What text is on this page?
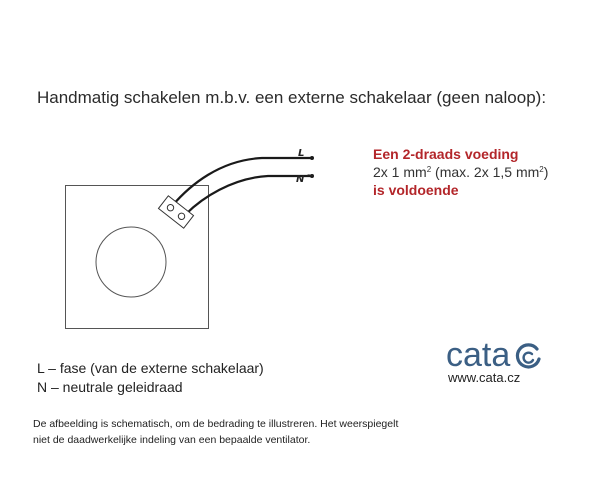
Handmatig schakelen m.b.v. een externe schakelaar (geen naloop):
L
N ~
Een 2-draads voeding
2x 1 $mm^2$ (max. 2x 1,5 $mm^2$)
is voldoende
L – fase (van de externe schakelaar)
N – neutrale geleidraad
cata
www.cata.cz
De afbeelding is schematisch, om de bedrading te illustreren. Het weerspiegelt
niet de daadwerkelijke indeling van een bepaalde ventilator.
